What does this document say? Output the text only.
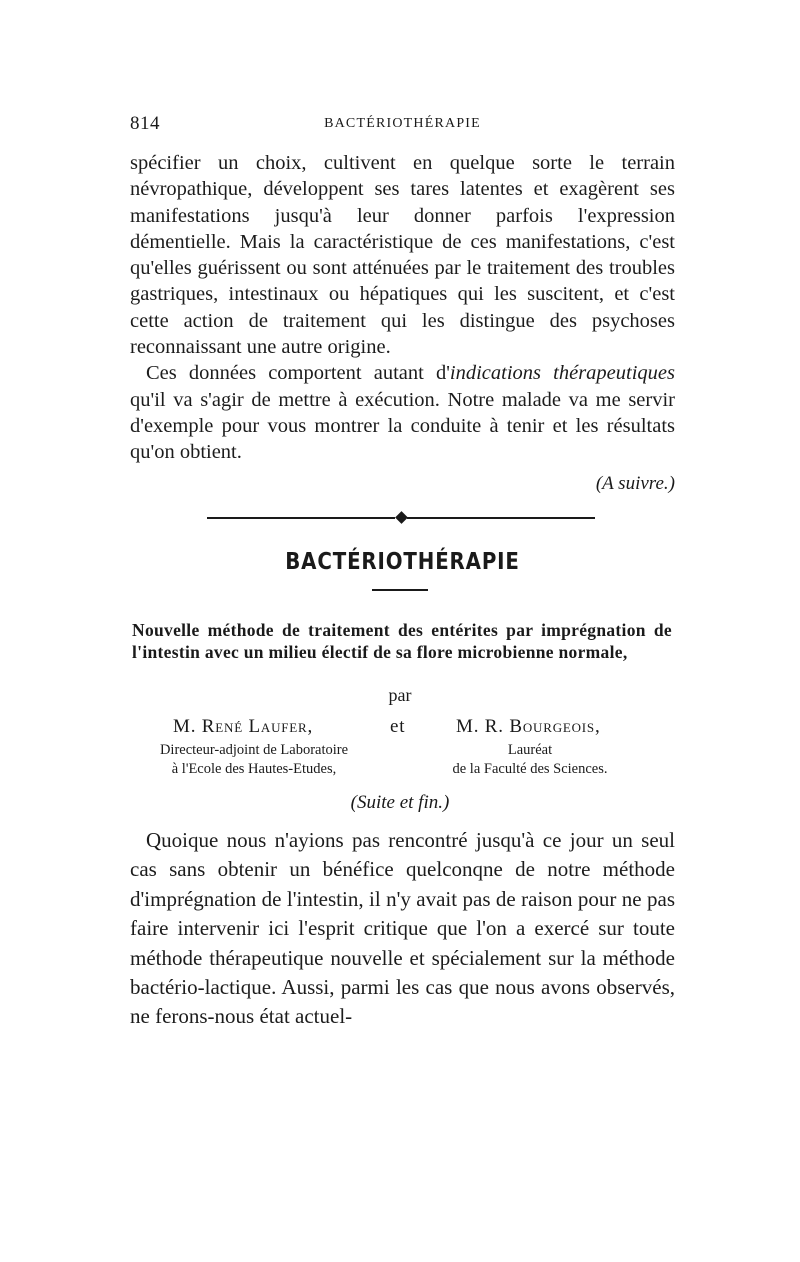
814	BACTÉRIOTHÉRAPIE

spécifier un choix, cultivent en quelque sorte le terrain névropathique, développent ses tares latentes et exagèrent ses manifestations jusqu'à leur donner parfois l'expression démentielle. Mais la caractéristique de ces manifestations, c'est qu'elles guérissent ou sont atténuées par le traitement des troubles gastriques, intestinaux ou hépatiques qui les suscitent, et c'est cette action de traitement qui les distingue des psychoses reconnaissant une autre origine.

Ces données comportent autant d'indications thérapeutiques qu'il va s'agir de mettre à exécution. Notre malade va me servir d'exemple pour vous montrer la conduite à tenir et les résultats qu'on obtient.

(A suivre.)
BACTÉRIOTHÉRAPIE
Nouvelle méthode de traitement des entérites par imprégnation de l'intestin avec un milieu électif de sa flore microbienne normale,
par
M. René Laufer,	et	M. R. Bourgeois,
Directeur-adjoint de Laboratoire
à l'Ecole des Hautes-Etudes,
Lauréat
de la Faculté des Sciences.
(Suite et fin.)

Quoique nous n'ayions pas rencontré jusqu'à ce jour un seul cas sans obtenir un bénéfice quelconqne de notre méthode d'imprégnation de l'intestin, il n'y avait pas de raison pour ne pas faire intervenir ici l'esprit critique que l'on a exercé sur toute méthode thérapeutique nouvelle et spécialement sur la méthode bactério-lactique. Aussi, parmi les cas que nous avons observés, ne ferons-nous état actuel-
